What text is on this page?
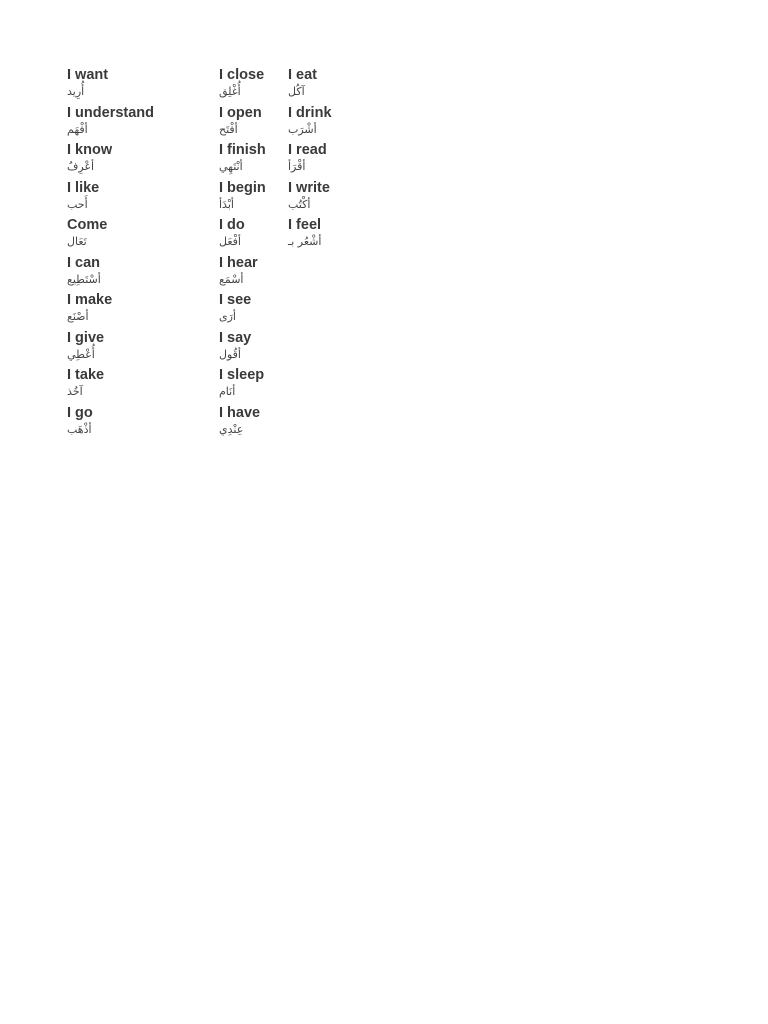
I want
أُرِيد
I understand
أفْهَم
I know
أعْرِفُ
I like
أَحب
Come
تَعَال
I can
أسْتَطِيع
I make
أصْنَع
I give
أُعْطِي
I take
آخُذ
I go
أذْهَب
I close
أُغْلِق
I open
أفْتَح
I finish
أنْتَهِي
I begin
أبْدَأ
I do
أفْعَل
I hear
أسْمَع
I see
أرَى
I say
أقُول
I sleep
أنَام
I have
عِنْدِي
I eat
آكُل
I drink
أشْرَب
I read
أقْرَأ
I write
أكْتُب
I feel
أشْعُر بـ
